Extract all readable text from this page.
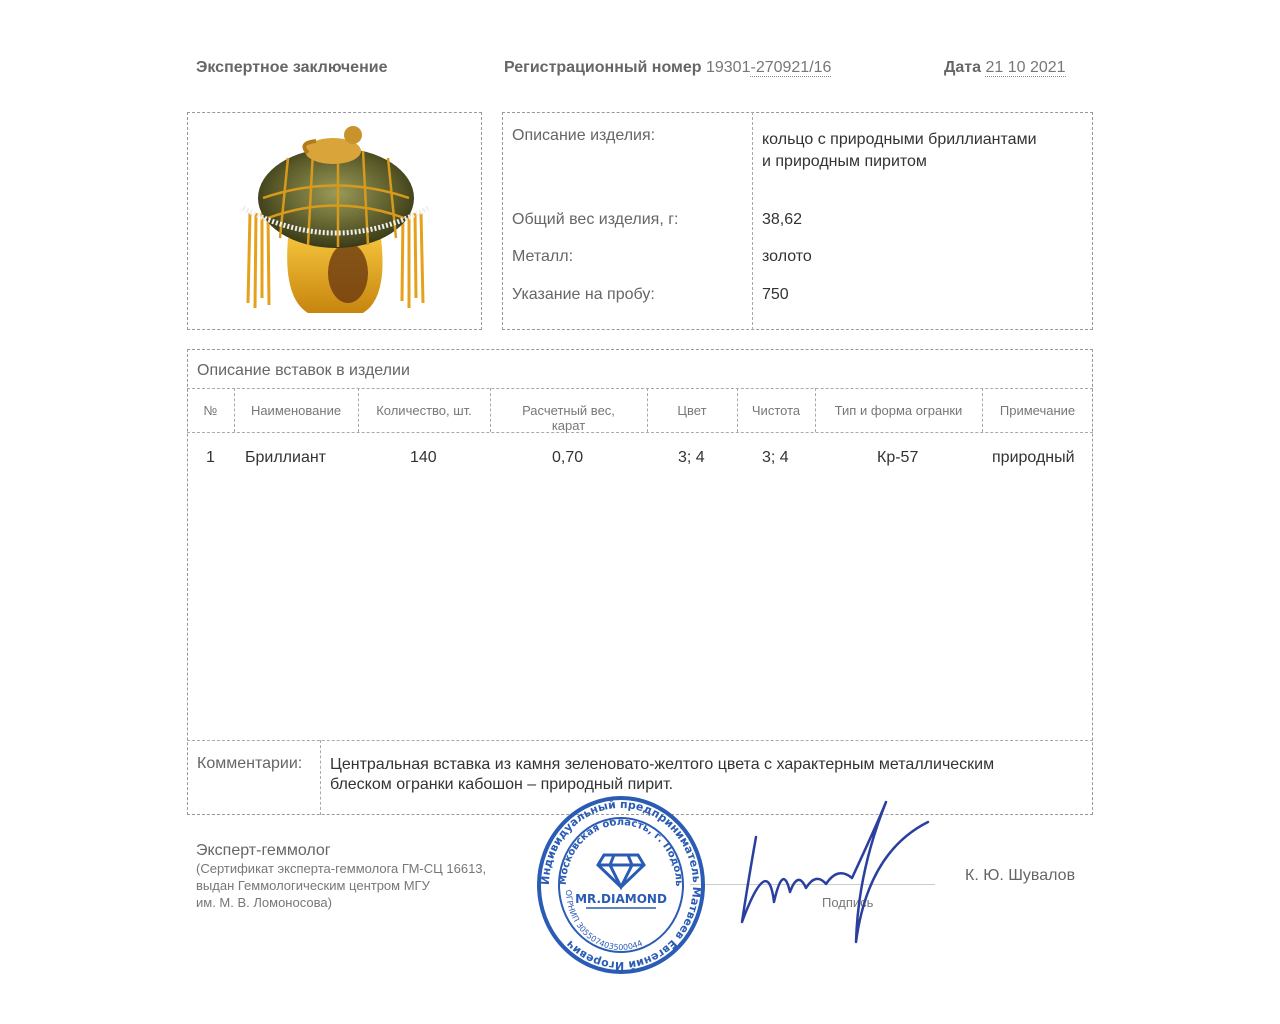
Экспертное заключение	Регистрационный номер 19301-270921/16	Дата 21 10 2021
Описание изделия:	кольцо с природными бриллиантами
и природным пиритом
Общий вес изделия, г:	38,62
Металл:	золото
Указание на пробу:	750
Описание вставок в изделии
№	Наименование	Количество, шт.	Расчетный вес,
карат
Цвет	Чистота	Тип и форма огранки	Примечание
1 Бриллиант	140	0,70	3; 4	3; 4	Кр-57	природный
Комментарии: Центральная вставка из камня зеленовато-желтого цвета с характерным металлическим
блеском огранки кабошон – природный пирит.
Эксперт-геммолог
(Сертификат эксперта-геммолога ГМ-СЦ 16613,
выдан Геммологическим центром МГУ
им. М. В. Ломоносова)	Подпись
К. Ю. Шувалов
Индивидуальный предприниматель Матвеев Евгений Игоревич
Московская область, г. Подоль
ОГРНИП 305507403500044
MR.DIAMOND
